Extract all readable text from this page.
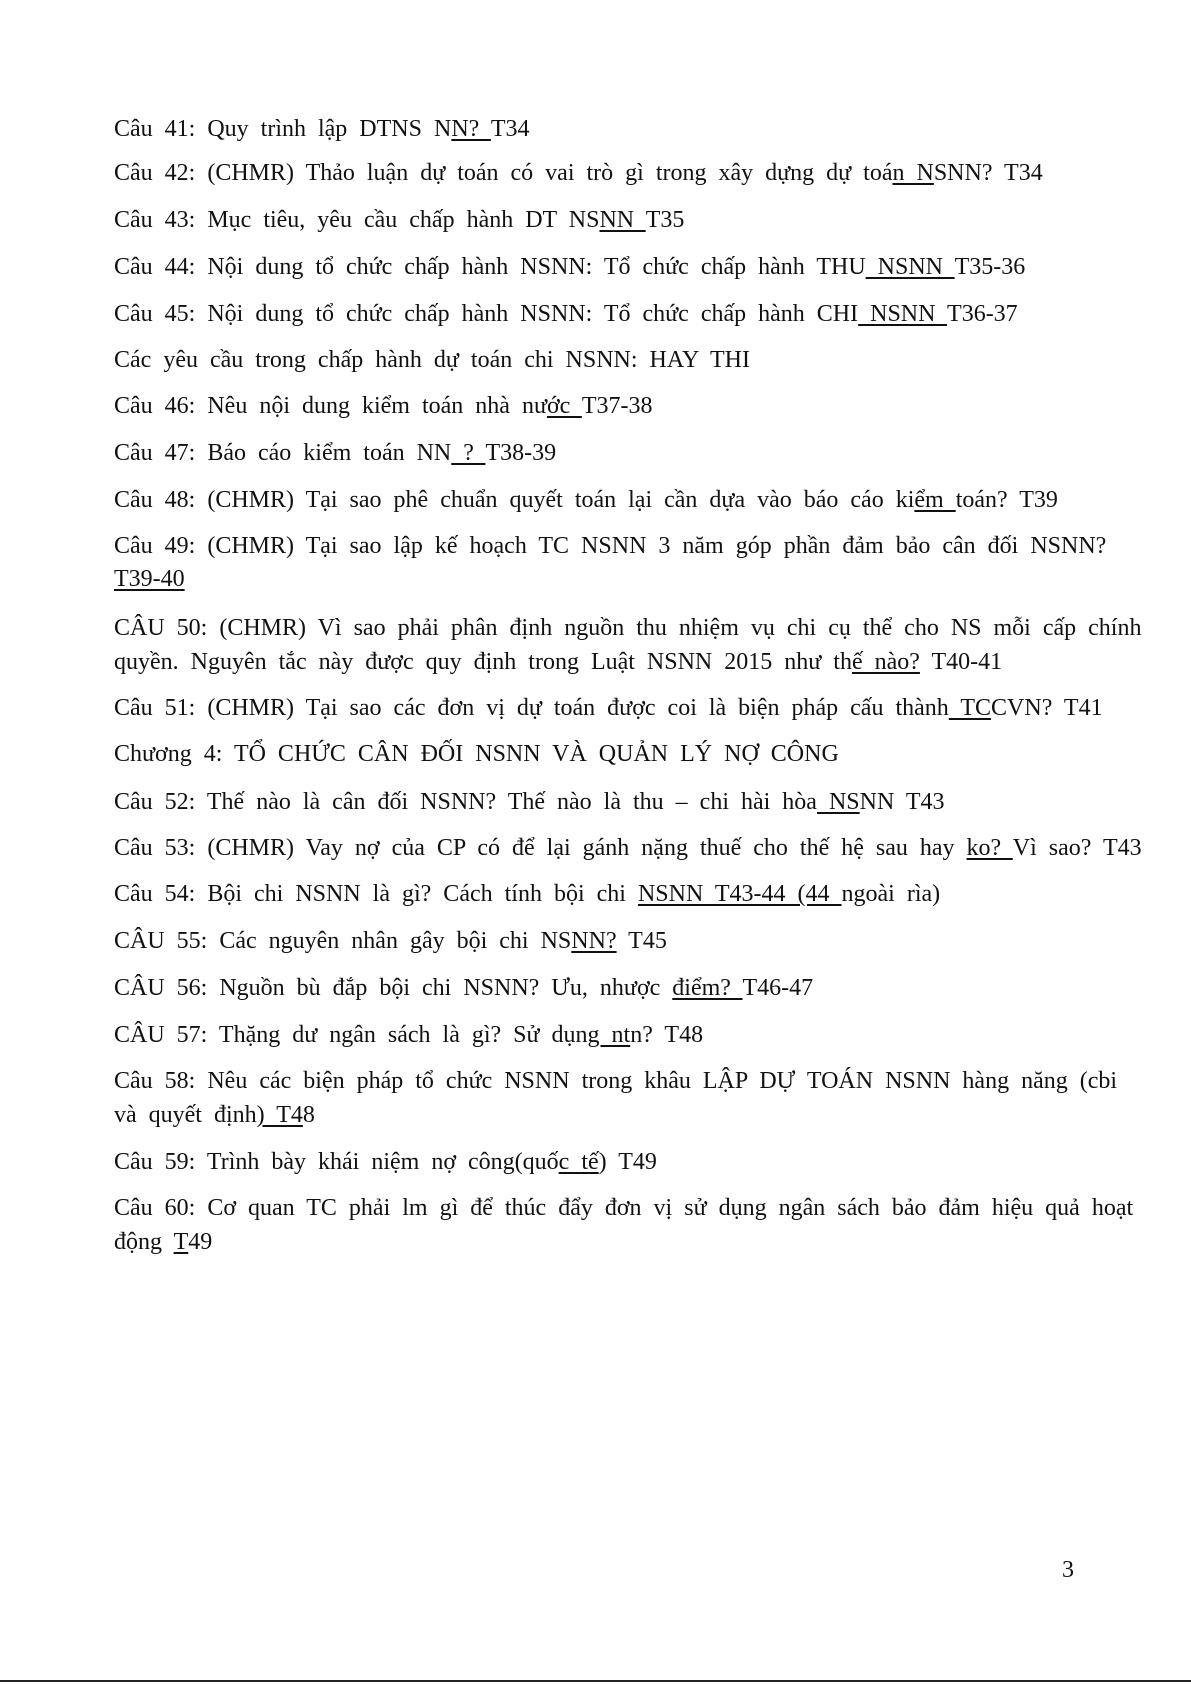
Câu 41: Quy trình lập DTNS NN? T34
Câu 42: (CHMR) Thảo luận dự toán có vai trò gì trong xây dựng dự toán NSNN? T34
Câu 43: Mục tiêu, yêu cầu chấp hành DT NSNN T35
Câu 44: Nội dung tổ chức chấp hành NSNN: Tổ chức chấp hành THU NSNN T35-36
Câu 45: Nội dung tổ chức chấp hành NSNN: Tổ chức chấp hành CHI NSNN T36-37
Các yêu cầu trong chấp hành dự toán chi NSNN: HAY THI
Câu 46: Nêu nội dung kiểm toán nhà nước T37-38
Câu 47: Báo cáo kiểm toán NN ? T38-39
Câu 48: (CHMR) Tại sao phê chuẩn quyết toán lại cần dựa vào báo cáo kiểm toán? T39
Câu 49: (CHMR) Tại sao lập kế hoạch TC NSNN 3 năm góp phần đảm bảo cân đối NSNN?
T39-40
CÂU 50: (CHMR) Vì sao phải phân định nguồn thu nhiệm vụ chi cụ thể cho NS mỗi cấp chính
quyền. Nguyên tắc này được quy định trong Luật NSNN 2015 như thế nào? T40-41
Câu 51: (CHMR) Tại sao các đơn vị dự toán được coi là biện pháp cấu thành TCCVN? T41
Chương 4: TỔ CHỨC CÂN ĐỐI NSNN VÀ QUẢN LÝ NỢ CÔNG
Câu 52: Thế nào là cân đối NSNN? Thế nào là thu – chi hài hòa NSNN T43
Câu 53: (CHMR) Vay nợ của CP có để lại gánh nặng thuế cho thế hệ sau hay ko? Vì sao? T43
Câu 54: Bội chi NSNN là gì? Cách tính bội chi NSNN T43-44 (44 ngoài rìa)
CÂU 55: Các nguyên nhân gây bội chi NSNN? T45
CÂU 56: Nguồn bù đắp bội chi NSNN? Ưu, nhược điểm? T46-47
CÂU 57: Thặng dư ngân sách là gì? Sử dụng ntn? T48
Câu 58: Nêu các biện pháp tổ chức NSNN trong khâu LẬP DỰ TOÁN NSNN hàng năng (cbi
và quyết định) T48
Câu 59: Trình bày khái niệm nợ công(quốc tế) T49
Câu 60: Cơ quan TC phải lm gì để thúc đẩy đơn vị sử dụng ngân sách bảo đảm hiệu quả hoạt
động T49
3
